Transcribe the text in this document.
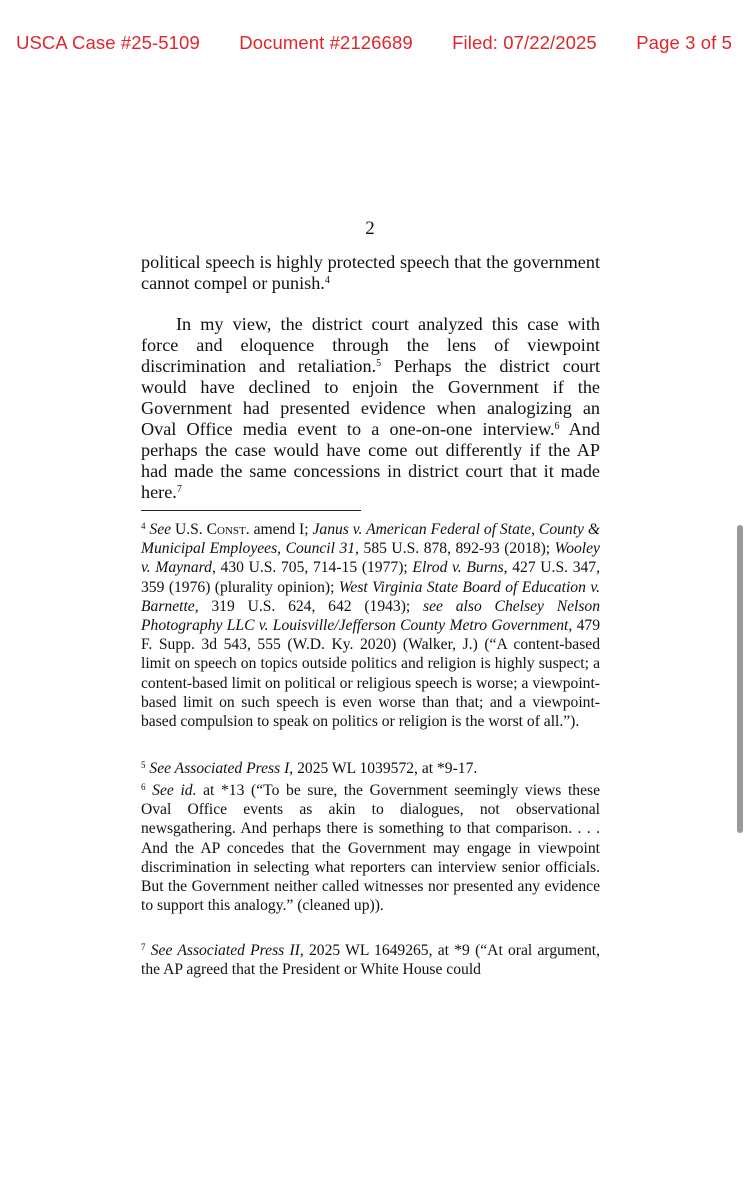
USCA Case #25-5109 Document #2126689 Filed: 07/22/2025 Page 3 of 5
2
political speech is highly protected speech that the government cannot compel or punish.$^4$
In my view, the district court analyzed this case with force and eloquence through the lens of viewpoint discrimination and retaliation.$^5$ Perhaps the district court would have declined to enjoin the Government if the Government had presented evidence when analogizing an Oval Office media event to a one-on-one interview.$^6$ And perhaps the case would have come out differently if the AP had made the same concessions in district court that it made here.$^7$
$^4$ See U.S. Const. amend I; Janus v. American Federal of State, County & Municipal Employees, Council 31, 585 U.S. 878, 892-93 (2018); Wooley v. Maynard, 430 U.S. 705, 714-15 (1977); Elrod v. Burns, 427 U.S. 347, 359 (1976) (plurality opinion); West Virginia State Board of Education v. Barnette, 319 U.S. 624, 642 (1943); see also Chelsey Nelson Photography LLC v. Louisville/Jefferson County Metro Government, 479 F. Supp. 3d 543, 555 (W.D. Ky. 2020) (Walker, J.) (“A content-based limit on speech on topics outside politics and religion is highly suspect; a content-based limit on political or religious speech is worse; a viewpoint-based limit on such speech is even worse than that; and a viewpoint-based compulsion to speak on politics or religion is the worst of all.”).
$^5$ See Associated Press I, 2025 WL 1039572, at *9-17.
$^6$ See id. at *13 (“To be sure, the Government seemingly views these Oval Office events as akin to dialogues, not observational newsgathering. And perhaps there is something to that comparison. . . . And the AP concedes that the Government may engage in viewpoint discrimination in selecting what reporters can interview senior officials. But the Government neither called witnesses nor presented any evidence to support this analogy.” (cleaned up)).
$^7$ See Associated Press II, 2025 WL 1649265, at *9 (“At oral argument, the AP agreed that the President or White House could
